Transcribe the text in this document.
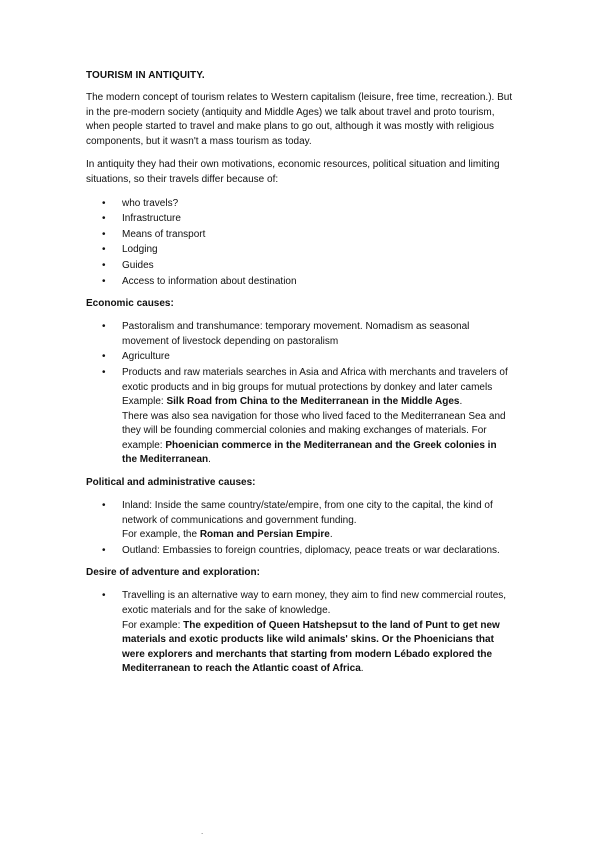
TOURISM IN ANTIQUITY.

The modern concept of tourism relates to Western capitalism (leisure, free time, recreation.). But in the pre-modern society (antiquity and Middle Ages) we talk about travel and proto tourism, when people started to travel and make plans to go out, although it was mostly with religious components, but it wasn't a mass tourism as today.

In antiquity they had their own motivations, economic resources, political situation and limiting situations, so their travels differ because of:

• who travels?
• Infrastructure
• Means of transport
• Lodging
• Guides
• Access to information about destination
Economic causes:
• Pastoralism and transhumance: temporary movement. Nomadism as seasonal movement of livestock depending on pastoralism
• Agriculture
• Products and raw materials searches in Asia and Africa with merchants and travelers of exotic products and in big groups for mutual protections by donkey and later camels
Example: Silk Road from China to the Mediterranean in the Middle Ages.
There was also sea navigation for those who lived faced to the Mediterranean Sea and they will be founding commercial colonies and making exchanges of materials. For example: Phoenician commerce in the Mediterranean and the Greek colonies in the Mediterranean.
Political and administrative causes:
• Inland: Inside the same country/state/empire, from one city to the capital, the kind of network of communications and government funding.
For example, the Roman and Persian Empire.
• Outland: Embassies to foreign countries, diplomacy, peace treats or war declarations.
Desire of adventure and exploration:
• Travelling is an alternative way to earn money, they aim to find new commercial routes, exotic materials and for the sake of knowledge.
For example: The expedition of Queen Hatshepsut to the land of Punt to get new materials and exotic products like wild animals' skins. Or the Phoenicians that were explorers and merchants that starting from modern Lébado explored the Mediterranean to reach the Atlantic coast of Africa.
.
